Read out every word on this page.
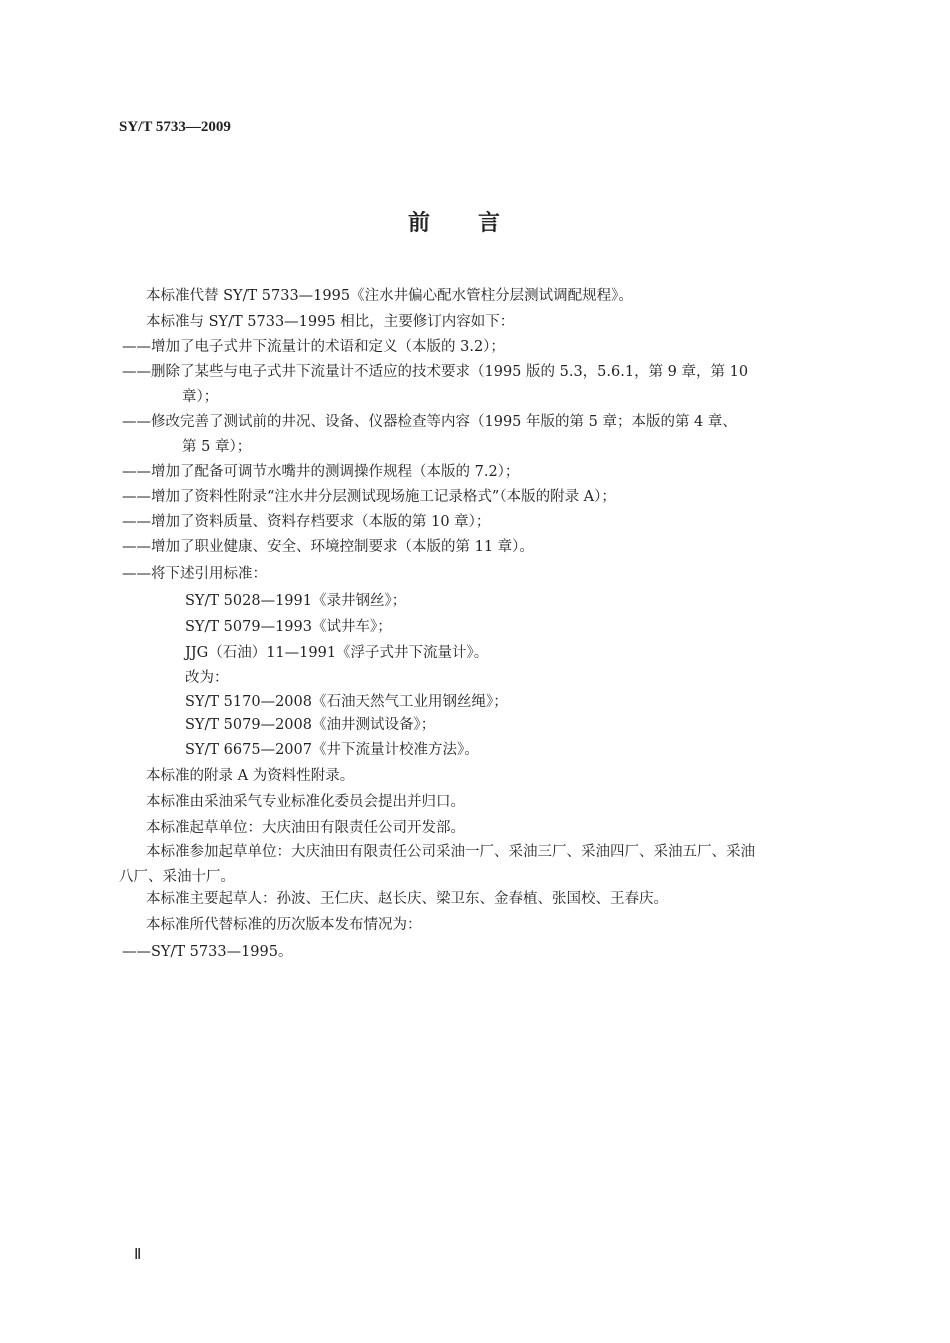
SY/T 5733—2009
前言
本标准代替 SY/T 5733—1995《注水井偏心配水管柱分层测试调配规程》。
本标准与 SY/T 5733—1995 相比，主要修订内容如下：
——增加了电子式井下流量计的术语和定义（本版的 3.2）；
——删除了某些与电子式井下流量计不适应的技术要求（1995 版的 5.3，5.6.1，第 9 章，第 10
章）；
——修改完善了测试前的井况、设备、仪器检查等内容（1995 年版的第 5 章；本版的第 4 章、
第 5 章）；
——增加了配备可调节水嘴井的测调操作规程（本版的 7.2）；
——增加了资料性附录“注水井分层测试现场施工记录格式”（本版的附录 A）；
——增加了资料质量、资料存档要求（本版的第 10 章）；
——增加了职业健康、安全、环境控制要求（本版的第 11 章）。
——将下述引用标准：
SY/T 5028—1991《录井钢丝》；
SY/T 5079—1993《试井车》；
JJG（石油）11—1991《浮子式井下流量计》。
改为：
SY/T 5170—2008《石油天然气工业用钢丝绳》；
SY/T 5079—2008《油井测试设备》；
SY/T 6675—2007《井下流量计校准方法》。
本标准的附录 A 为资料性附录。
本标准由采油采气专业标准化委员会提出并归口。
本标准起草单位：大庆油田有限责任公司开发部。
本标准参加起草单位：大庆油田有限责任公司采油一厂、采油三厂、采油四厂、采油五厂、采油
八厂、采油十厂。
本标准主要起草人：孙波、王仁庆、赵长庆、梁卫东、金春植、张国校、王春庆。
本标准所代替标准的历次版本发布情况为：
——SY/T 5733—1995。
Ⅱ
